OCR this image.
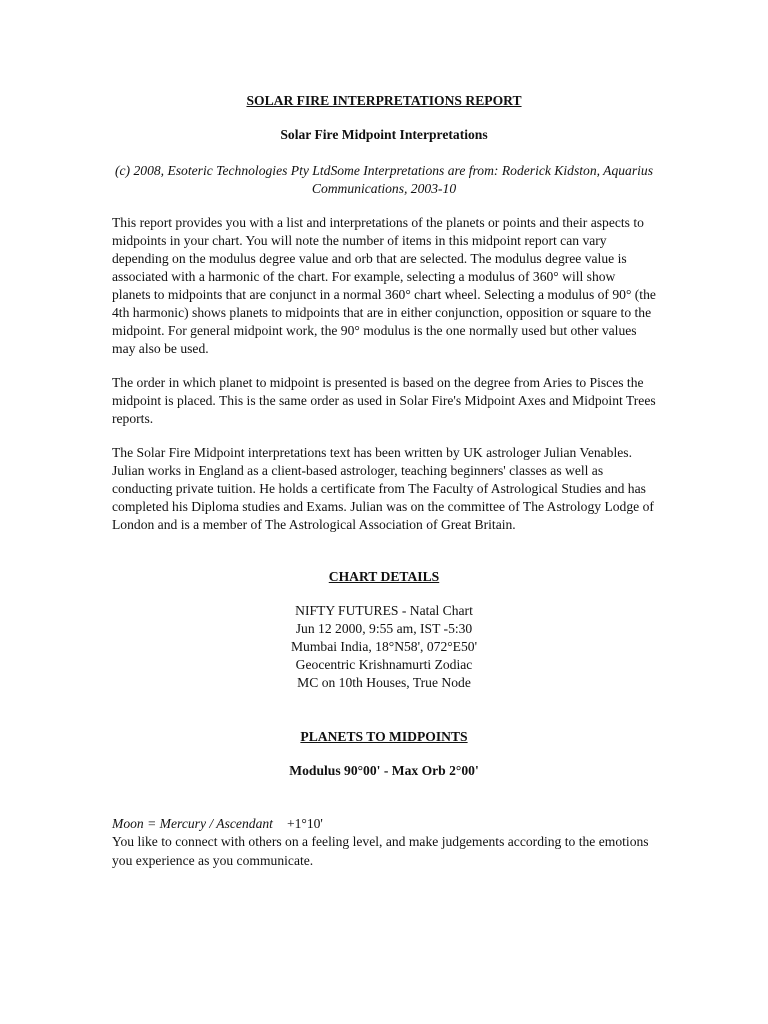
SOLAR FIRE INTERPRETATIONS REPORT
Solar Fire Midpoint Interpretations

(c) 2008, Esoteric Technologies Pty LtdSome Interpretations are from: Roderick Kidston, Aquarius Communications, 2003-10

This report provides you with a list and interpretations of the planets or points and their aspects to midpoints in your chart. You will note the number of items in this midpoint report can vary depending on the modulus degree value and orb that are selected. The modulus degree value is associated with a harmonic of the chart. For example, selecting a modulus of 360° will show planets to midpoints that are conjunct in a normal 360° chart wheel. Selecting a modulus of 90° (the 4th harmonic) shows planets to midpoints that are in either conjunction, opposition or square to the midpoint. For general midpoint work, the 90° modulus is the one normally used but other values may also be used.

The order in which planet to midpoint is presented is based on the degree from Aries to Pisces the midpoint is placed. This is the same order as used in Solar Fire's Midpoint Axes and Midpoint Trees reports.

The Solar Fire Midpoint interpretations text has been written by UK astrologer Julian Venables. Julian works in England as a client-based astrologer, teaching beginners' classes as well as conducting private tuition. He holds a certificate from The Faculty of Astrological Studies and has completed his Diploma studies and Exams. Julian was on the committee of The Astrology Lodge of London and is a member of The Astrological Association of Great Britain.

CHART DETAILS
NIFTY FUTURES - Natal Chart
Jun 12 2000, 9:55 am, IST -5:30
Mumbai India, 18°N58', 072°E50'
Geocentric Krishnamurti Zodiac
MC on 10th Houses, True Node
PLANETS TO MIDPOINTS
Modulus 90°00' - Max Orb 2°00'
Moon = Mercury / Ascendant +1°10'
You like to connect with others on a feeling level, and make judgements according to the emotions you experience as you communicate.
